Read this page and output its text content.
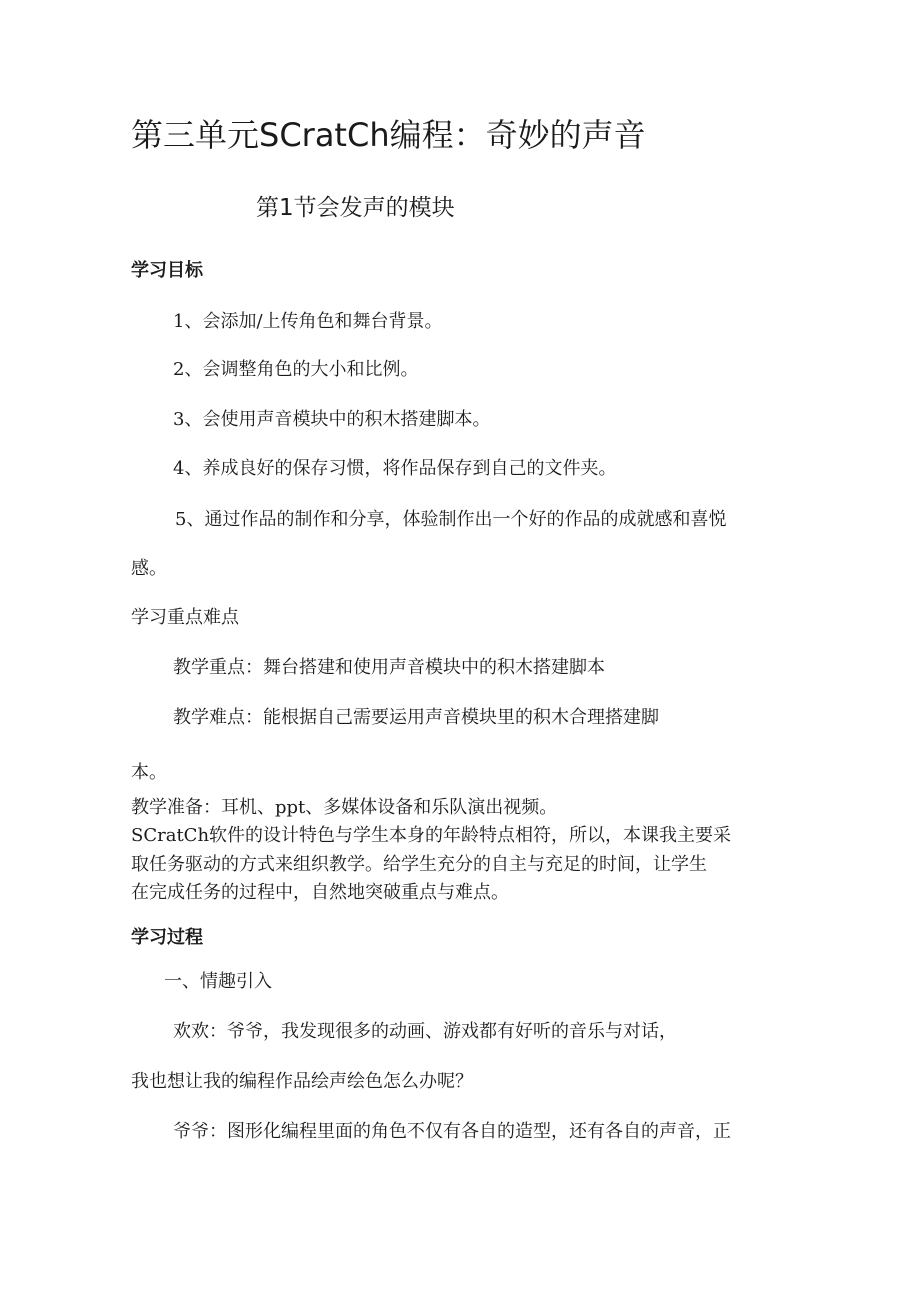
第三单元SCratCh编程：奇妙的声音
第1节会发声的模块
学习目标
1、会添加/上传角色和舞台背景。
2、会调整角色的大小和比例。
3、会使用声音模块中的积木搭建脚本。
4、养成良好的保存习惯，将作品保存到自己的文件夹。
5、通过作品的制作和分享，体验制作出一个好的作品的成就感和喜悦
感。
学习重点难点
教学重点：舞台搭建和使用声音模块中的积木搭建脚本
教学难点：能根据自己需要运用声音模块里的积木合理搭建脚
本。
教学准备：耳机、ppt、多媒体设备和乐队演出视频。
SCratCh软件的设计特色与学生本身的年龄特点相符，所以，本课我主要采
取任务驱动的方式来组织教学。给学生充分的自主与充足的时间，让学生
在完成任务的过程中，自然地突破重点与难点。
学习过程
一、情趣引入
欢欢：爷爷，我发现很多的动画、游戏都有好听的音乐与对话，
我也想让我的编程作品绘声绘色怎么办呢？
爷爷：图形化编程里面的角色不仅有各自的造型，还有各自的声音，正
